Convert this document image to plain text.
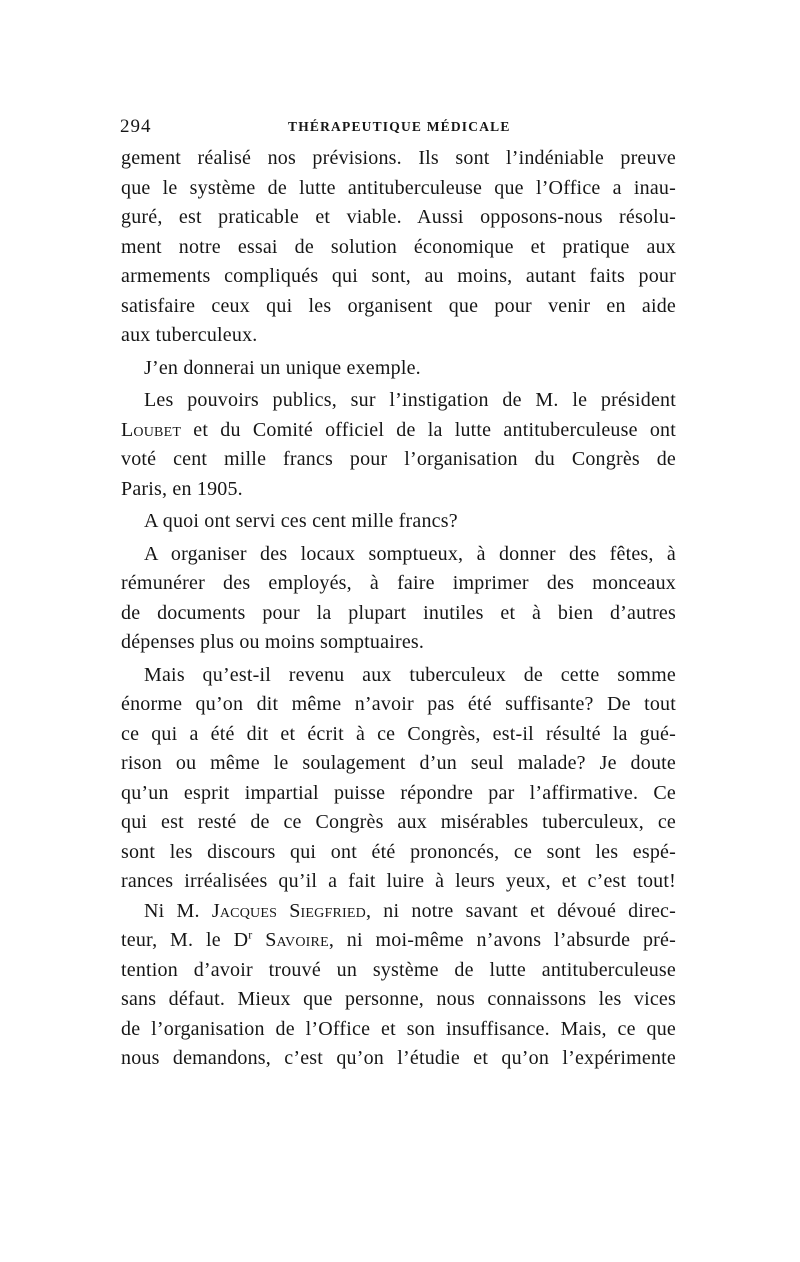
294	THÉRAPEUTIQUE MÉDICALE
gement réalisé nos prévisions. Ils sont l’indéniable preuve
que le système de lutte antituberculeuse que l’Office a inau-
guré, est praticable et viable. Aussi opposons-nous résolu-
ment notre essai de solution économique et pratique aux
armements compliqués qui sont, au moins, autant faits pour
satisfaire ceux qui les organisent que pour venir en aide
aux tuberculeux.
J’en donnerai un unique exemple.
Les pouvoirs publics, sur l’instigation de M. le président
Loubet et du Comité officiel de la lutte antituberculeuse ont
voté cent mille francs pour l’organisation du Congrès de
Paris, en 1905.
A quoi ont servi ces cent mille francs?
A organiser des locaux somptueux, à donner des fêtes, à
rémunérer des employés, à faire imprimer des monceaux
de documents pour la plupart inutiles et à bien d’autres
dépenses plus ou moins somptuaires.
Mais qu’est-il revenu aux tuberculeux de cette somme
énorme qu’on dit même n’avoir pas été suffisante? De tout
ce qui a été dit et écrit à ce Congrès, est-il résulté la gué-
rison ou même le soulagement d’un seul malade? Je doute
qu’un esprit impartial puisse répondre par l’affirmative. Ce
qui est resté de ce Congrès aux misérables tuberculeux, ce
sont les discours qui ont été prononcés, ce sont les espé-
rances irréalisées qu’il a fait luire à leurs yeux, et c’est tout!
Ni M. Jacques Siegfried, ni notre savant et dévoué direc-
teur, M. le $D^r$ Savoire, ni moi-même n’avons l’absurde pré-
tention d’avoir trouvé un système de lutte antituberculeuse
sans défaut. Mieux que personne, nous connaissons les vices
de l’organisation de l’Office et son insuffisance. Mais, ce que
nous demandons, c’est qu’on l’étudie et qu’on l’expérimente
